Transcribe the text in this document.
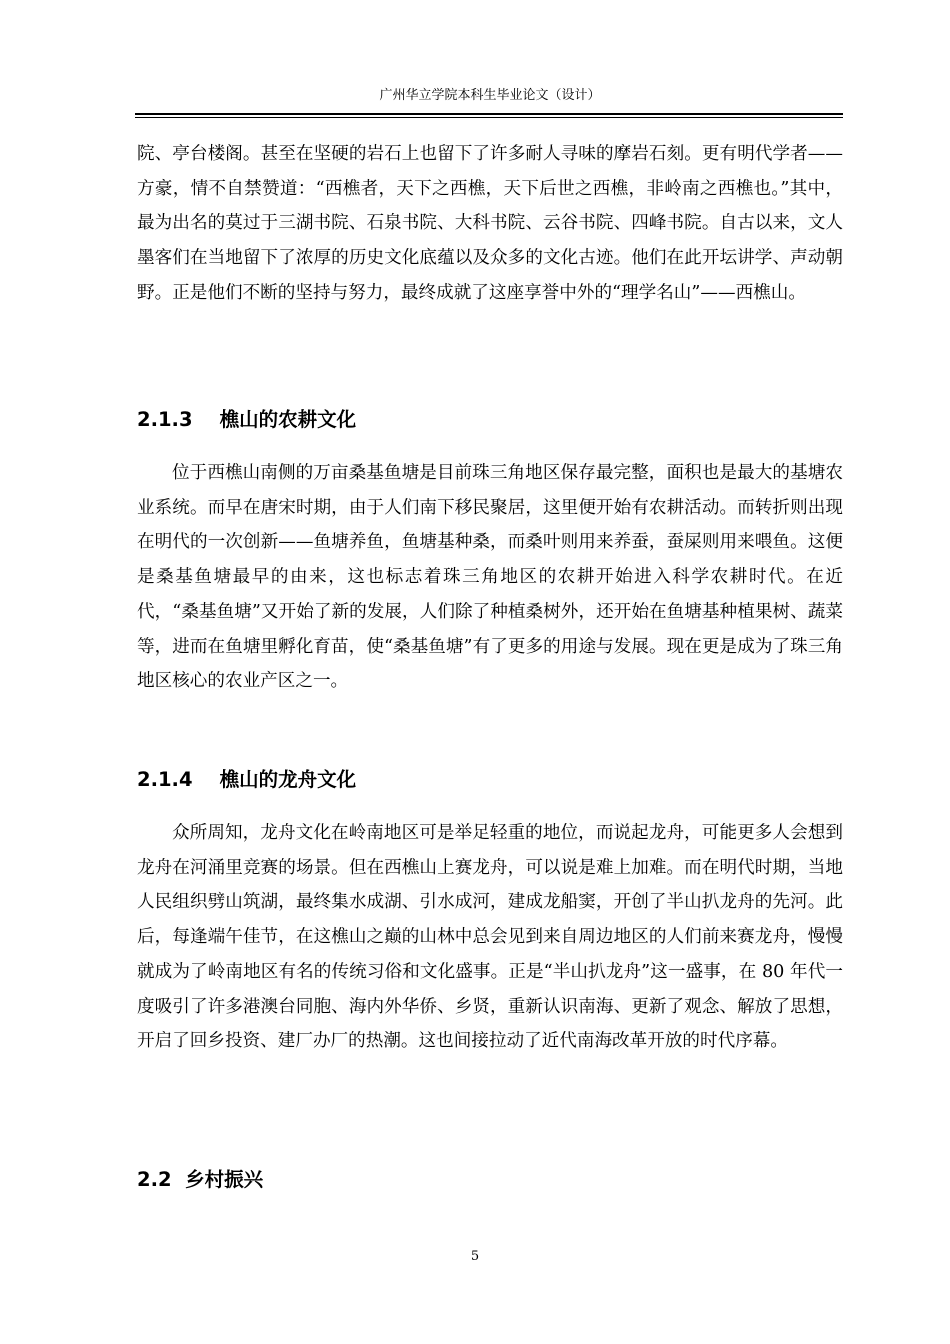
广州华立学院本科生毕业论文（设计）

院、亭台楼阁。甚至在坚硬的岩石上也留下了许多耐人寻味的摩岩石刻。更有明代学者——方豪，情不自禁赞道：“西樵者，天下之西樵，天下后世之西樵，非岭南之西樵也。”其中，最为出名的莫过于三湖书院、石泉书院、大科书院、云谷书院、四峰书院。自古以来，文人墨客们在当地留下了浓厚的历史文化底蕴以及众多的文化古迹。他们在此开坛讲学、声动朝野。正是他们不断的坚持与努力，最终成就了这座享誉中外的“理学名山”——西樵山。

2.1.3    樵山的农耕文化

位于西樵山南侧的万亩桑基鱼塘是目前珠三角地区保存最完整，面积也是最大的基塘农业系统。而早在唐宋时期，由于人们南下移民聚居，这里便开始有农耕活动。而转折则出现在明代的一次创新——鱼塘养鱼，鱼塘基种桑，而桑叶则用来养蚕，蚕屎则用来喂鱼。这便是桑基鱼塘最早的由来，这也标志着珠三角地区的农耕开始进入科学农耕时代。在近代，“桑基鱼塘”又开始了新的发展，人们除了种植桑树外，还开始在鱼塘基种植果树、蔬菜等，进而在鱼塘里孵化育苗，使“桑基鱼塘”有了更多的用途与发展。现在更是成为了珠三角地区核心的农业产区之一。

2.1.4    樵山的龙舟文化

众所周知，龙舟文化在岭南地区可是举足轻重的地位，而说起龙舟，可能更多人会想到龙舟在河涌里竞赛的场景。但在西樵山上赛龙舟，可以说是难上加难。而在明代时期，当地人民组织劈山筑湖，最终集水成湖、引水成河，建成龙船窦，开创了半山扒龙舟的先河。此后，每逢端午佳节，在这樵山之巅的山林中总会见到来自周边地区的人们前来赛龙舟，慢慢就成为了岭南地区有名的传统习俗和文化盛事。正是“半山扒龙舟”这一盛事，在 80 年代一度吸引了许多港澳台同胞、海内外华侨、乡贤，重新认识南海、更新了观念、解放了思想，开启了回乡投资、建厂办厂的热潮。这也间接拉动了近代南海改革开放的时代序幕。

2.2  乡村振兴
5
